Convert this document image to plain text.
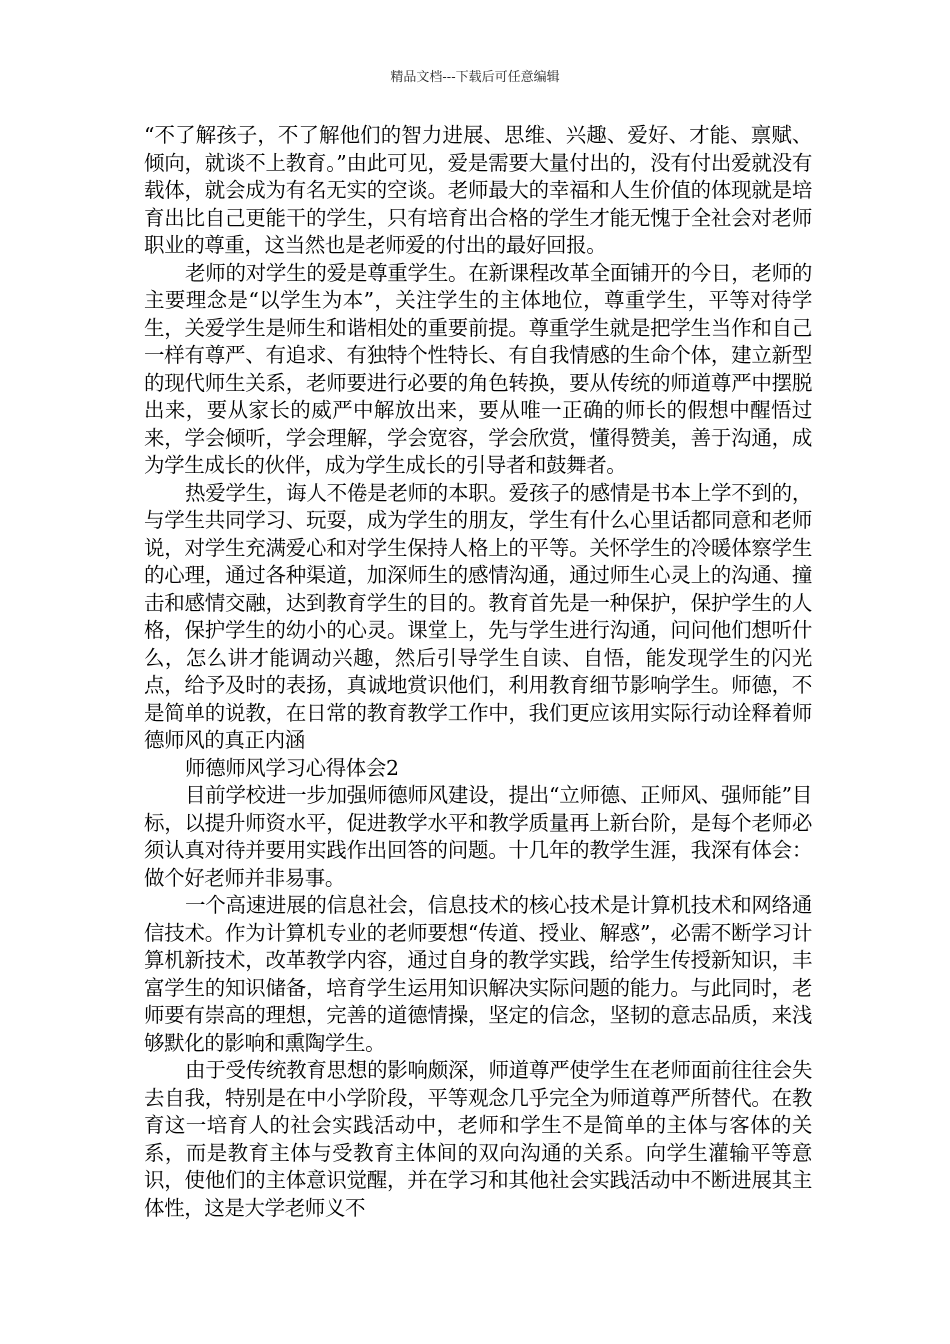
精品文档---下载后可任意编辑

“不了解孩子，不了解他们的智力进展、思维、兴趣、爱好、才能、禀赋、倾向，就谈不上教育。”由此可见，爱是需要大量付出的，没有付出爱就没有载体，就会成为有名无实的空谈。老师最大的幸福和人生价值的体现就是培育出比自己更能干的学生，只有培育出合格的学生才能无愧于全社会对老师职业的尊重，这当然也是老师爱的付出的最好回报。

老师的对学生的爱是尊重学生。在新课程改革全面铺开的今日，老师的主要理念是“以学生为本”，关注学生的主体地位，尊重学生，平等对待学生，关爱学生是师生和谐相处的重要前提。尊重学生就是把学生当作和自己一样有尊严、有追求、有独特个性特长、有自我情感的生命个体，建立新型的现代师生关系，老师要进行必要的角色转换，要从传统的师道尊严中摆脱出来，要从家长的威严中解放出来，要从唯一正确的师长的假想中醒悟过来，学会倾听，学会理解，学会宽容，学会欣赏，懂得赞美，善于沟通，成为学生成长的伙伴，成为学生成长的引导者和鼓舞者。

热爱学生，诲人不倦是老师的本职。爱孩子的感情是书本上学不到的，与学生共同学习、玩耍，成为学生的朋友，学生有什么心里话都同意和老师说，对学生充满爱心和对学生保持人格上的平等。关怀学生的冷暖体察学生的心理，通过各种渠道，加深师生的感情沟通，通过师生心灵上的沟通、撞击和感情交融，达到教育学生的目的。教育首先是一种保护，保护学生的人格，保护学生的幼小的心灵。课堂上，先与学生进行沟通，问问他们想听什么，怎么讲才能调动兴趣，然后引导学生自读、自悟，能发现学生的闪光点，给予及时的表扬，真诚地赏识他们，利用教育细节影响学生。师德，不是简单的说教，在日常的教育教学工作中，我们更应该用实际行动诠释着师德师风的真正内涵

师德师风学习心得体会2

目前学校进一步加强师德师风建设，提出“立师德、正师风、强师能”目标，以提升师资水平，促进教学水平和教学质量再上新台阶，是每个老师必须认真对待并要用实践作出回答的问题。十几年的教学生涯，我深有体会：做个好老师并非易事。

一个高速进展的信息社会，信息技术的核心技术是计算机技术和网络通信技术。作为计算机专业的老师要想“传道、授业、解惑”，必需不断学习计算机新技术，改革教学内容，通过自身的教学实践，给学生传授新知识，丰富学生的知识储备，培育学生运用知识解决实际问题的能力。与此同时，老师要有崇高的理想，完善的道德情操，坚定的信念，坚韧的意志品质，来浅够默化的影响和熏陶学生。

由于受传统教育思想的影响颇深，师道尊严使学生在老师面前往往会失去自我，特别是在中小学阶段，平等观念几乎完全为师道尊严所替代。在教育这一培育人的社会实践活动中，老师和学生不是简单的主体与客体的关系，而是教育主体与受教育主体间的双向沟通的关系。向学生灌输平等意识，使他们的主体意识觉醒，并在学习和其他社会实践活动中不断进展其主体性，这是大学老师义不
